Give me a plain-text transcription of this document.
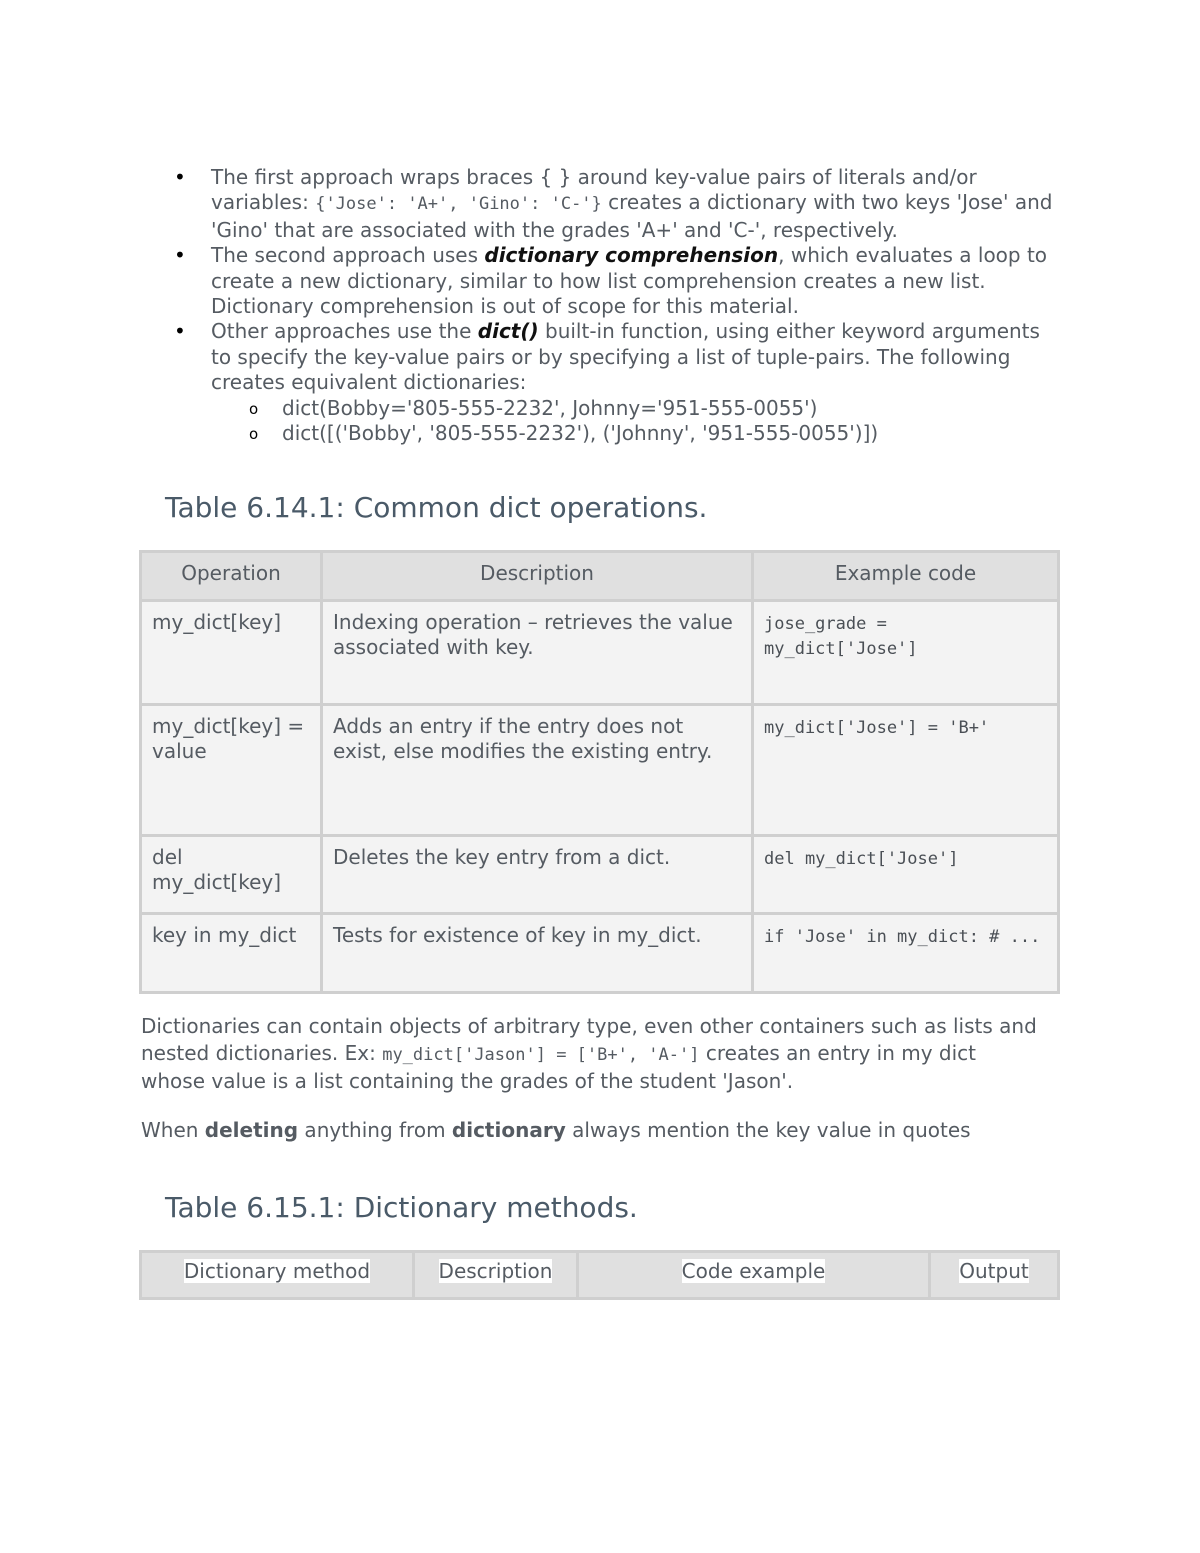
• The first approach wraps braces { } around key-value pairs of literals and/or variables: {'Jose': 'A+', 'Gino': 'C-'} creates a dictionary with two keys 'Jose' and 'Gino' that are associated with the grades 'A+' and 'C-', respectively.
• The second approach uses dictionary comprehension, which evaluates a loop to create a new dictionary, similar to how list comprehension creates a new list. Dictionary comprehension is out of scope for this material.
• Other approaches use the dict() built-in function, using either keyword arguments to specify the key-value pairs or by specifying a list of tuple-pairs. The following creates equivalent dictionaries:
o dict(Bobby='805-555-2232', Johnny='951-555-0055')
o dict([('Bobby', '805-555-2232'), ('Johnny', '951-555-0055')])
Table 6.14.1: Common dict operations.
Operation	Description	Example code
my_dict[key]	Indexing operation – retrieves the value associated with key.	jose_grade = my_dict['Jose']
my_dict[key] = value	Adds an entry if the entry does not exist, else modifies the existing entry.	my_dict['Jose'] = 'B+'
del my_dict[key]	Deletes the key entry from a dict.	del my_dict['Jose']
key in my_dict	Tests for existence of key in my_dict.	if 'Jose' in my_dict: # ...
Dictionaries can contain objects of arbitrary type, even other containers such as lists and nested dictionaries. Ex: my_dict['Jason'] = ['B+', 'A-'] creates an entry in my dict whose value is a list containing the grades of the student 'Jason'.
When deleting anything from dictionary always mention the key value in quotes
Table 6.15.1: Dictionary methods.
Dictionary method	Description	Code example	Output
